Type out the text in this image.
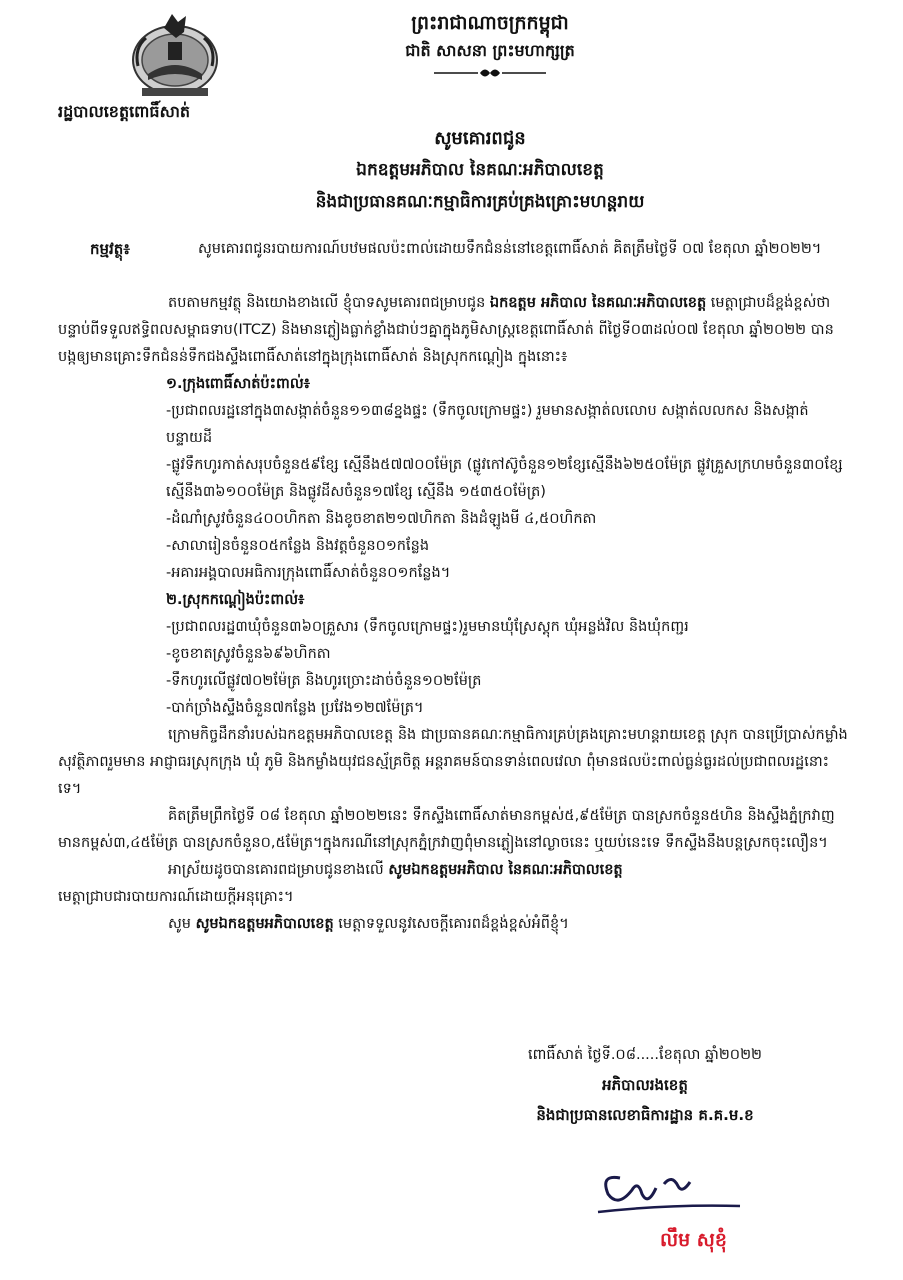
ព្រះរាជាណាចក្រកម្ពុជា
ជាតិ សាសនា ព្រះមហាក្សត្រ
រដ្ឋបាលខេត្តពោធិ៍សាត់
សូមគោរពជូន
ឯកឧត្តមអភិបាល នៃគណៈអភិបាលខេត្ត
និងជាប្រធានគណៈកម្មាធិការគ្រប់គ្រងគ្រោះមហន្តរាយ
កម្មវត្ថុ៖	សូមគោរពជូនរបាយការណ៍បឋមផលប៉ះពាល់ដោយទឹកជំនន់នៅខេត្តពោធិ៍សាត់ គិតត្រឹមថ្ងៃទី ០៧ ខែតុលា ឆ្នាំ២០២២។

តបតាមកម្មវត្ថុ និងយោងខាងលើ ខ្ញុំបាទសូមគោរពជម្រាបជូន ឯកឧត្តម អភិបាល នៃគណៈអភិបាលខេត្ត មេត្តាជ្រាបដ៏ខ្ពង់ខ្ពស់ថា បន្ទាប់ពីទទួលឥទ្ធិពលសម្ពាធទាប(ITCZ) និងមានភ្លៀងធ្លាក់ខ្លាំងជាប់ៗគ្នាក្នុងភូមិសាស្ត្រខេត្តពោធិ៍សាត់ ពីថ្ងៃទី០៣ដល់០៧ ខែតុលា ឆ្នាំ២០២២ បានបង្កឲ្យមានគ្រោះទឹកជំនន់ទឹកជងស្ទឹងពោធិ៍សាត់នៅក្នុងក្រុងពោធិ៍សាត់ និងស្រុកកណ្ដៀង ក្នុងនោះ៖

១.ក្រុងពោធិ៍សាត់ប៉ះពាល់៖

-ប្រជាពលរដ្ឋនៅក្នុង៣សង្កាត់ចំនួន១១៣៨ខ្នងផ្ទះ (ទឹកចូលក្រោមផ្ទះ) រួមមានសង្កាត់លលោប សង្កាត់លលកស និងសង្កាត់បន្ទាយដី

-ផ្លូវទឹកហូរកាត់សរុបចំនួន៥៩ខ្សែ ស្មើនឹង៥៧៧០០ម៉ែត្រ (ផ្លូវកៅស៊ូចំនួន១២ខ្សែស្មើនឹង៦២៥០ម៉ែត្រ ផ្លូវគ្រួសក្រហមចំនួន៣០ខ្សែ ស្មើនឹង៣៦១០០ម៉ែត្រ និងផ្លូវដីសចំនួន១៧ខ្សែ ស្មើនឹង ១៥៣៥០ម៉ែត្រ)

-ដំណាំស្រូវចំនួន៤០០ហិកតា និងខូចខាត២១៧ហិកតា និងដំឡូងមី ៤,៥០ហិកតា

-សាលារៀនចំនួន០៥កន្លែង និងវត្តចំនួន០១កន្លែង

-អគារអង្គបាលអធិការក្រុងពោធិ៍សាត់ចំនួន០១កន្លែង។

២.ស្រុកកណ្ដៀងប៉ះពាល់៖

-ប្រជាពលរដ្ឋ៣ឃុំចំនួន៣៦០គ្រួសារ (ទឹកចូលក្រោមផ្ទះ)រួមមានឃុំស្រែស្តុក ឃុំអន្លង់វិល និងឃុំកញ្ជរ

-ខូចខាតស្រូវចំនួន៦៩៦ហិកតា

-ទឹកហូរលើផ្លូវ៧០២ម៉ែត្រ និងហូរច្រោះដាច់ចំនួន១០២ម៉ែត្រ

-បាក់ច្រាំងស្ទឹងចំនួន៧កន្លែង ប្រវែង១២៧ម៉ែត្រ។

ក្រោមកិច្ចដឹកនាំរបស់ឯកឧត្តមអភិបាលខេត្ត និង ជាប្រធានគណៈកម្មាធិការគ្រប់គ្រងគ្រោះមហន្តរាយខេត្ត ស្រុក បានប្រើប្រាស់កម្លាំងសុវត្ថិភាពរួមមាន អាជ្ញាធរស្រុកក្រុង ឃុំ ភូមិ និងកម្លាំងយុវជនស្ម័គ្រចិត្ត អន្តរាគមន៍បានទាន់ពេលវេលា ពុំមានផលប៉ះពាល់ធ្ងន់ធ្ងរដល់ប្រជាពលរដ្ឋនោះទេ។

គិតត្រឹមព្រឹកថ្ងៃទី ០៨ ខែតុលា ឆ្នាំ២០២២នេះ ទឹកស្ទឹងពោធិ៍សាត់មានកម្ពស់៥,៩៥ម៉ែត្រ បានស្រកចំនួន៥ហិន និងស្ទឹងភ្នំក្រវាញមានកម្ពស់៣,៤៥ម៉ែត្រ បានស្រកចំនួន០,៥ម៉ែត្រ។ក្នុងករណីនៅស្រុកភ្នំក្រវាញពុំមានភ្លៀងនៅល្ងាចនេះ ឬយប់នេះទេ ទឹកស្ទឹងនឹងបន្តស្រកចុះលឿន។

អាស្រ័យដូចបានគោរពជម្រាបជូនខាងលើ សូមឯកឧត្តមអភិបាល នៃគណៈអភិបាលខេត្ត

មេត្តាជ្រាបជារបាយការណ៍ដោយក្ដីអនុគ្រោះ។

សូម សូមឯកឧត្តមអភិបាលខេត្ត មេត្តាទទួលនូវសេចក្ដីគោរពដ៏ខ្ពង់ខ្ពស់អំពីខ្ញុំ។

ពោធិ៍សាត់ ថ្ងៃទី.០៨.....ខែតុលា ឆ្នាំ២០២២
អភិបាលរងខេត្ត
និងជាប្រធានលេខាធិការដ្ឋាន គ.គ.ម.ខ
លឹម សុខុំ
